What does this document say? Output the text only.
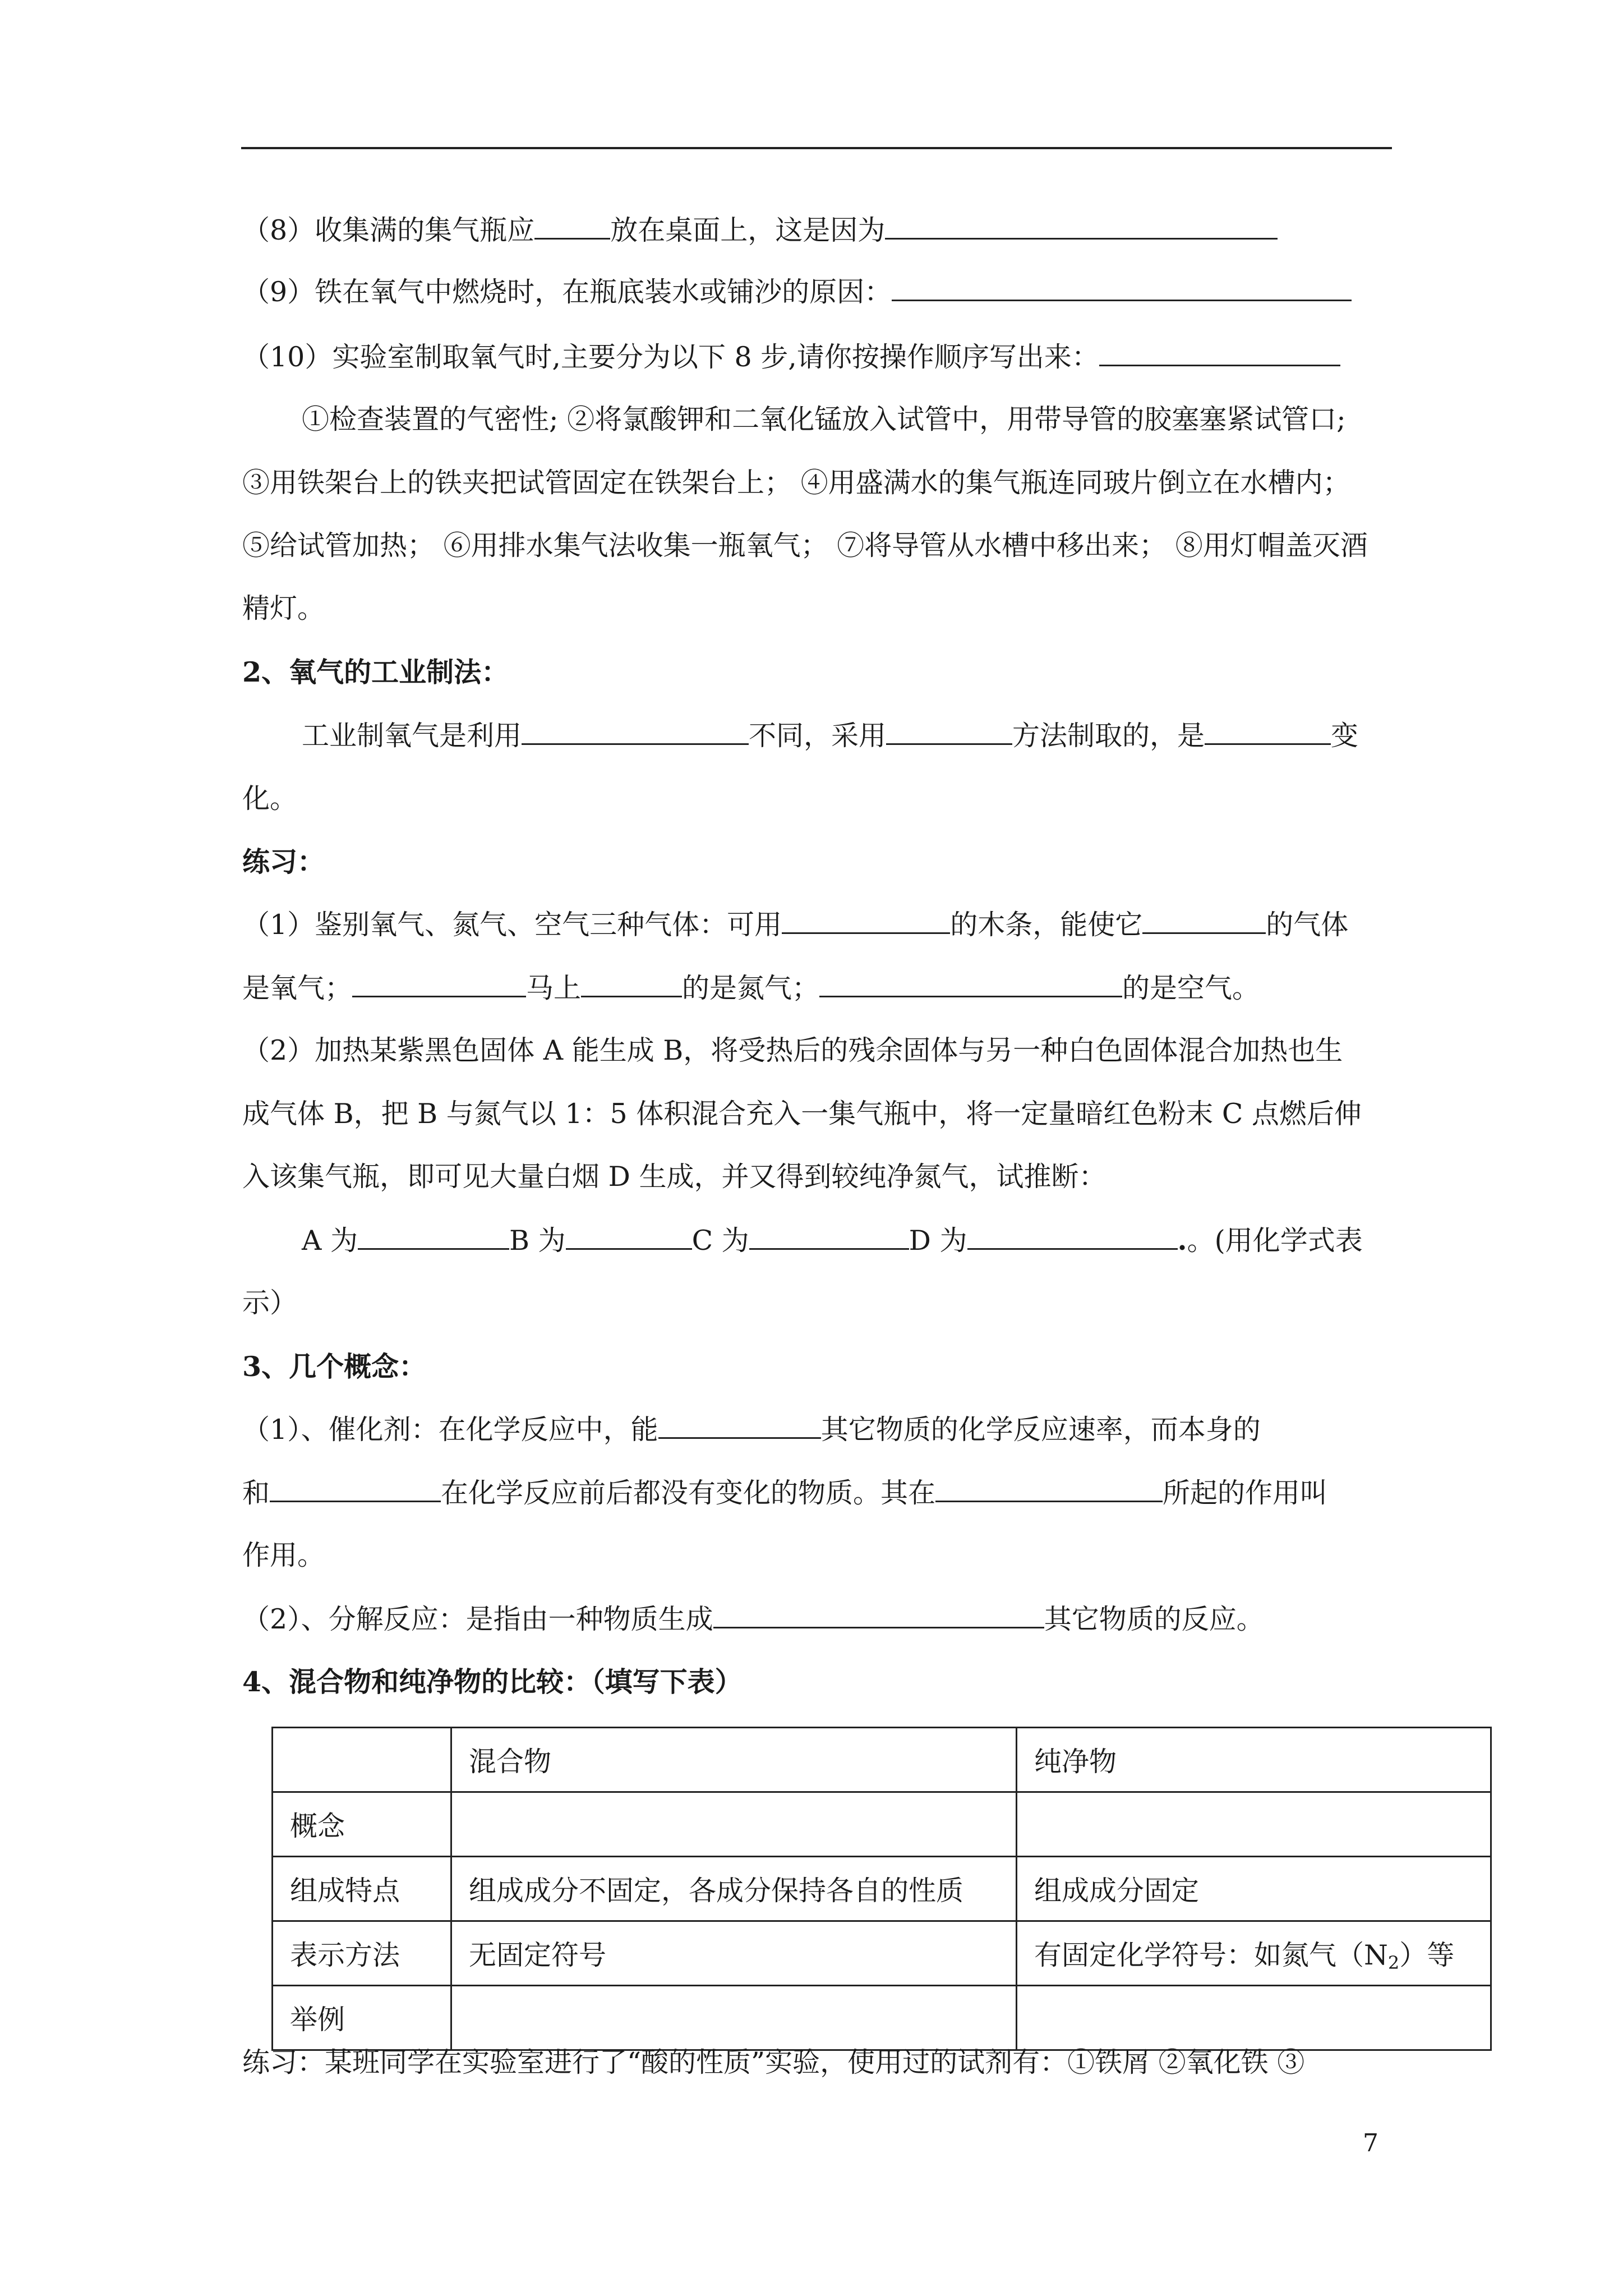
（8）收集满的集气瓶应	放在桌面上，这是因为
（9）铁在氧气中燃烧时，在瓶底装水或铺沙的原因：
（10）实验室制取氧气时,主要分为以下 8 步,请你按操作顺序写出来：
①检查装置的气密性; ②将氯酸钾和二氧化锰放入试管中，用带导管的胶塞塞紧试管口;
③用铁架台上的铁夹把试管固定在铁架台上； ④用盛满水的集气瓶连同玻片倒立在水槽内；
⑤给试管加热； ⑥用排水集气法收集一瓶氧气； ⑦将导管从水槽中移出来； ⑧用灯帽盖灭酒
精灯。
2、氧气的工业制法：
工业制氧气是利用	不同，采用	方法制取的，是	变
化。
练习：
（1）鉴别氧气、氮气、空气三种气体：可用	的木条，能使它	的气体
是氧气；	马上	的是氮气；	的是空气。
（2）加热某紫黑色固体 A 能生成 B，将受热后的残余固体与另一种白色固体混合加热也生
成气体 B，把 B 与氮气以 1：5 体积混合充入一集气瓶中，将一定量暗红色粉末 C 点燃后伸
入该集气瓶，即可见大量白烟 D 生成，并又得到较纯净氮气，试推断：
A 为	B 为	C 为	D 为	.。(用化学式表
示）
3、几个概念：
（1）、催化剂：在化学反应中，能	其它物质的化学反应速率，而本身的
和	在化学反应前后都没有变化的物质。其在	所起的作用叫
作用。
（2）、分解反应：是指由一种物质生成	其它物质的反应。
4、混合物和纯净物的比较：（填写下表）
	混合物	纯净物
概念		
组成特点	组成成分不固定，各成分保持各自的性质	组成成分固定
表示方法	无固定符号	有固定化学符号：如氮气$(N_2)$等
举例		
练习：某班同学在实验室进行了“酸的性质”实验，使用过的试剂有：①铁屑 ②氧化铁 ③
7
